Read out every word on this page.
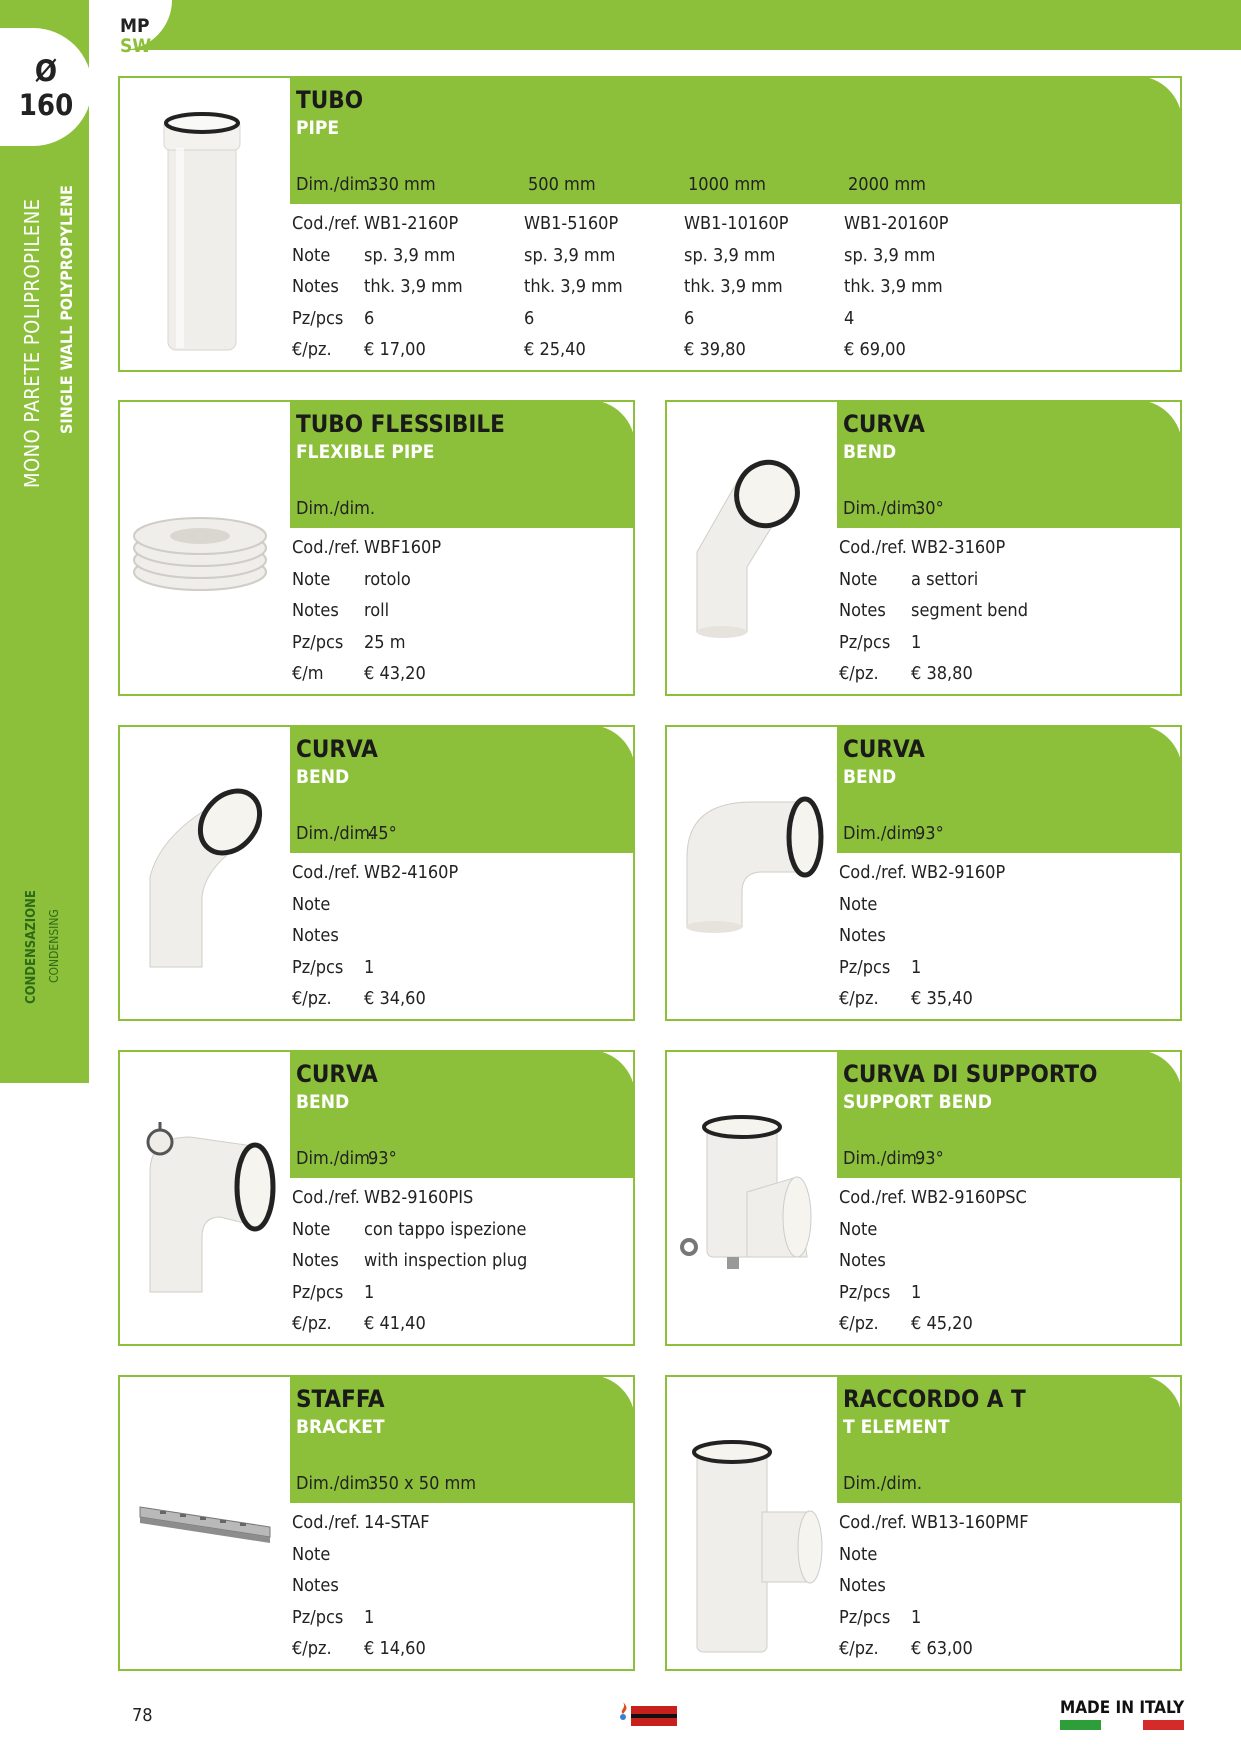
MP
SW
Ø
160
MONO PARETE POLIPROPILENE SINGLE WALL POLYPROPYLENE
CONDENSAZIONE CONDENSING
TUBO
PIPE
Dim./dim.330 mm	500 mm	1000 mm	2000 mm
Cod./ref. WB1-2160P	WB1-5160P	WB1-10160P	WB1-20160P
Note sp. 3,9 mm	sp. 3,9 mm	sp. 3,9 mm	sp. 3,9 mm
Notes thk. 3,9 mm	thk. 3,9 mm	thk. 3,9 mm	thk. 3,9 mm
Pz/pcs 6	6	6	4
€/pz. € 17,00	€ 25,40	€ 39,80	€ 69,00
TUBO FLESSIBILE
FLEXIBLE PIPE
Dim./dim.
Cod./ref. WBF160P
Note rotolo
Notes roll
Pz/pcs 25 m
€/m € 43,20
CURVA
BEND
Dim./dim.30°
Cod./ref. WB2-3160P
Note a settori
Notes segment bend
Pz/pcs 1
€/pz. € 38,80
CURVA
BEND
Dim./dim.45°
Cod./ref. WB2-4160P
Note
Notes
Pz/pcs 1
€/pz. € 34,60
CURVA
BEND
Dim./dim.93°
Cod./ref. WB2-9160P
Note
Notes
Pz/pcs 1
€/pz. € 35,40
CURVA
BEND
Dim./dim.93°
Cod./ref. WB2-9160PIS
Note con tappo ispezione
Notes with inspection plug
Pz/pcs 1
€/pz. € 41,40
CURVA DI SUPPORTO
SUPPORT BEND
Dim./dim.93°
Cod./ref. WB2-9160PSC
Note
Notes
Pz/pcs 1
€/pz. € 45,20
STAFFA
BRACKET
Dim./dim.350 x 50 mm
Cod./ref. 14-STAF
Note
Notes
Pz/pcs 1
€/pz. € 14,60
RACCORDO A T
T ELEMENT
Dim./dim.
Cod./ref. WB13-160PMF
Note
Notes
Pz/pcs 1
€/pz. € 63,00
78	MADE IN ITALY
